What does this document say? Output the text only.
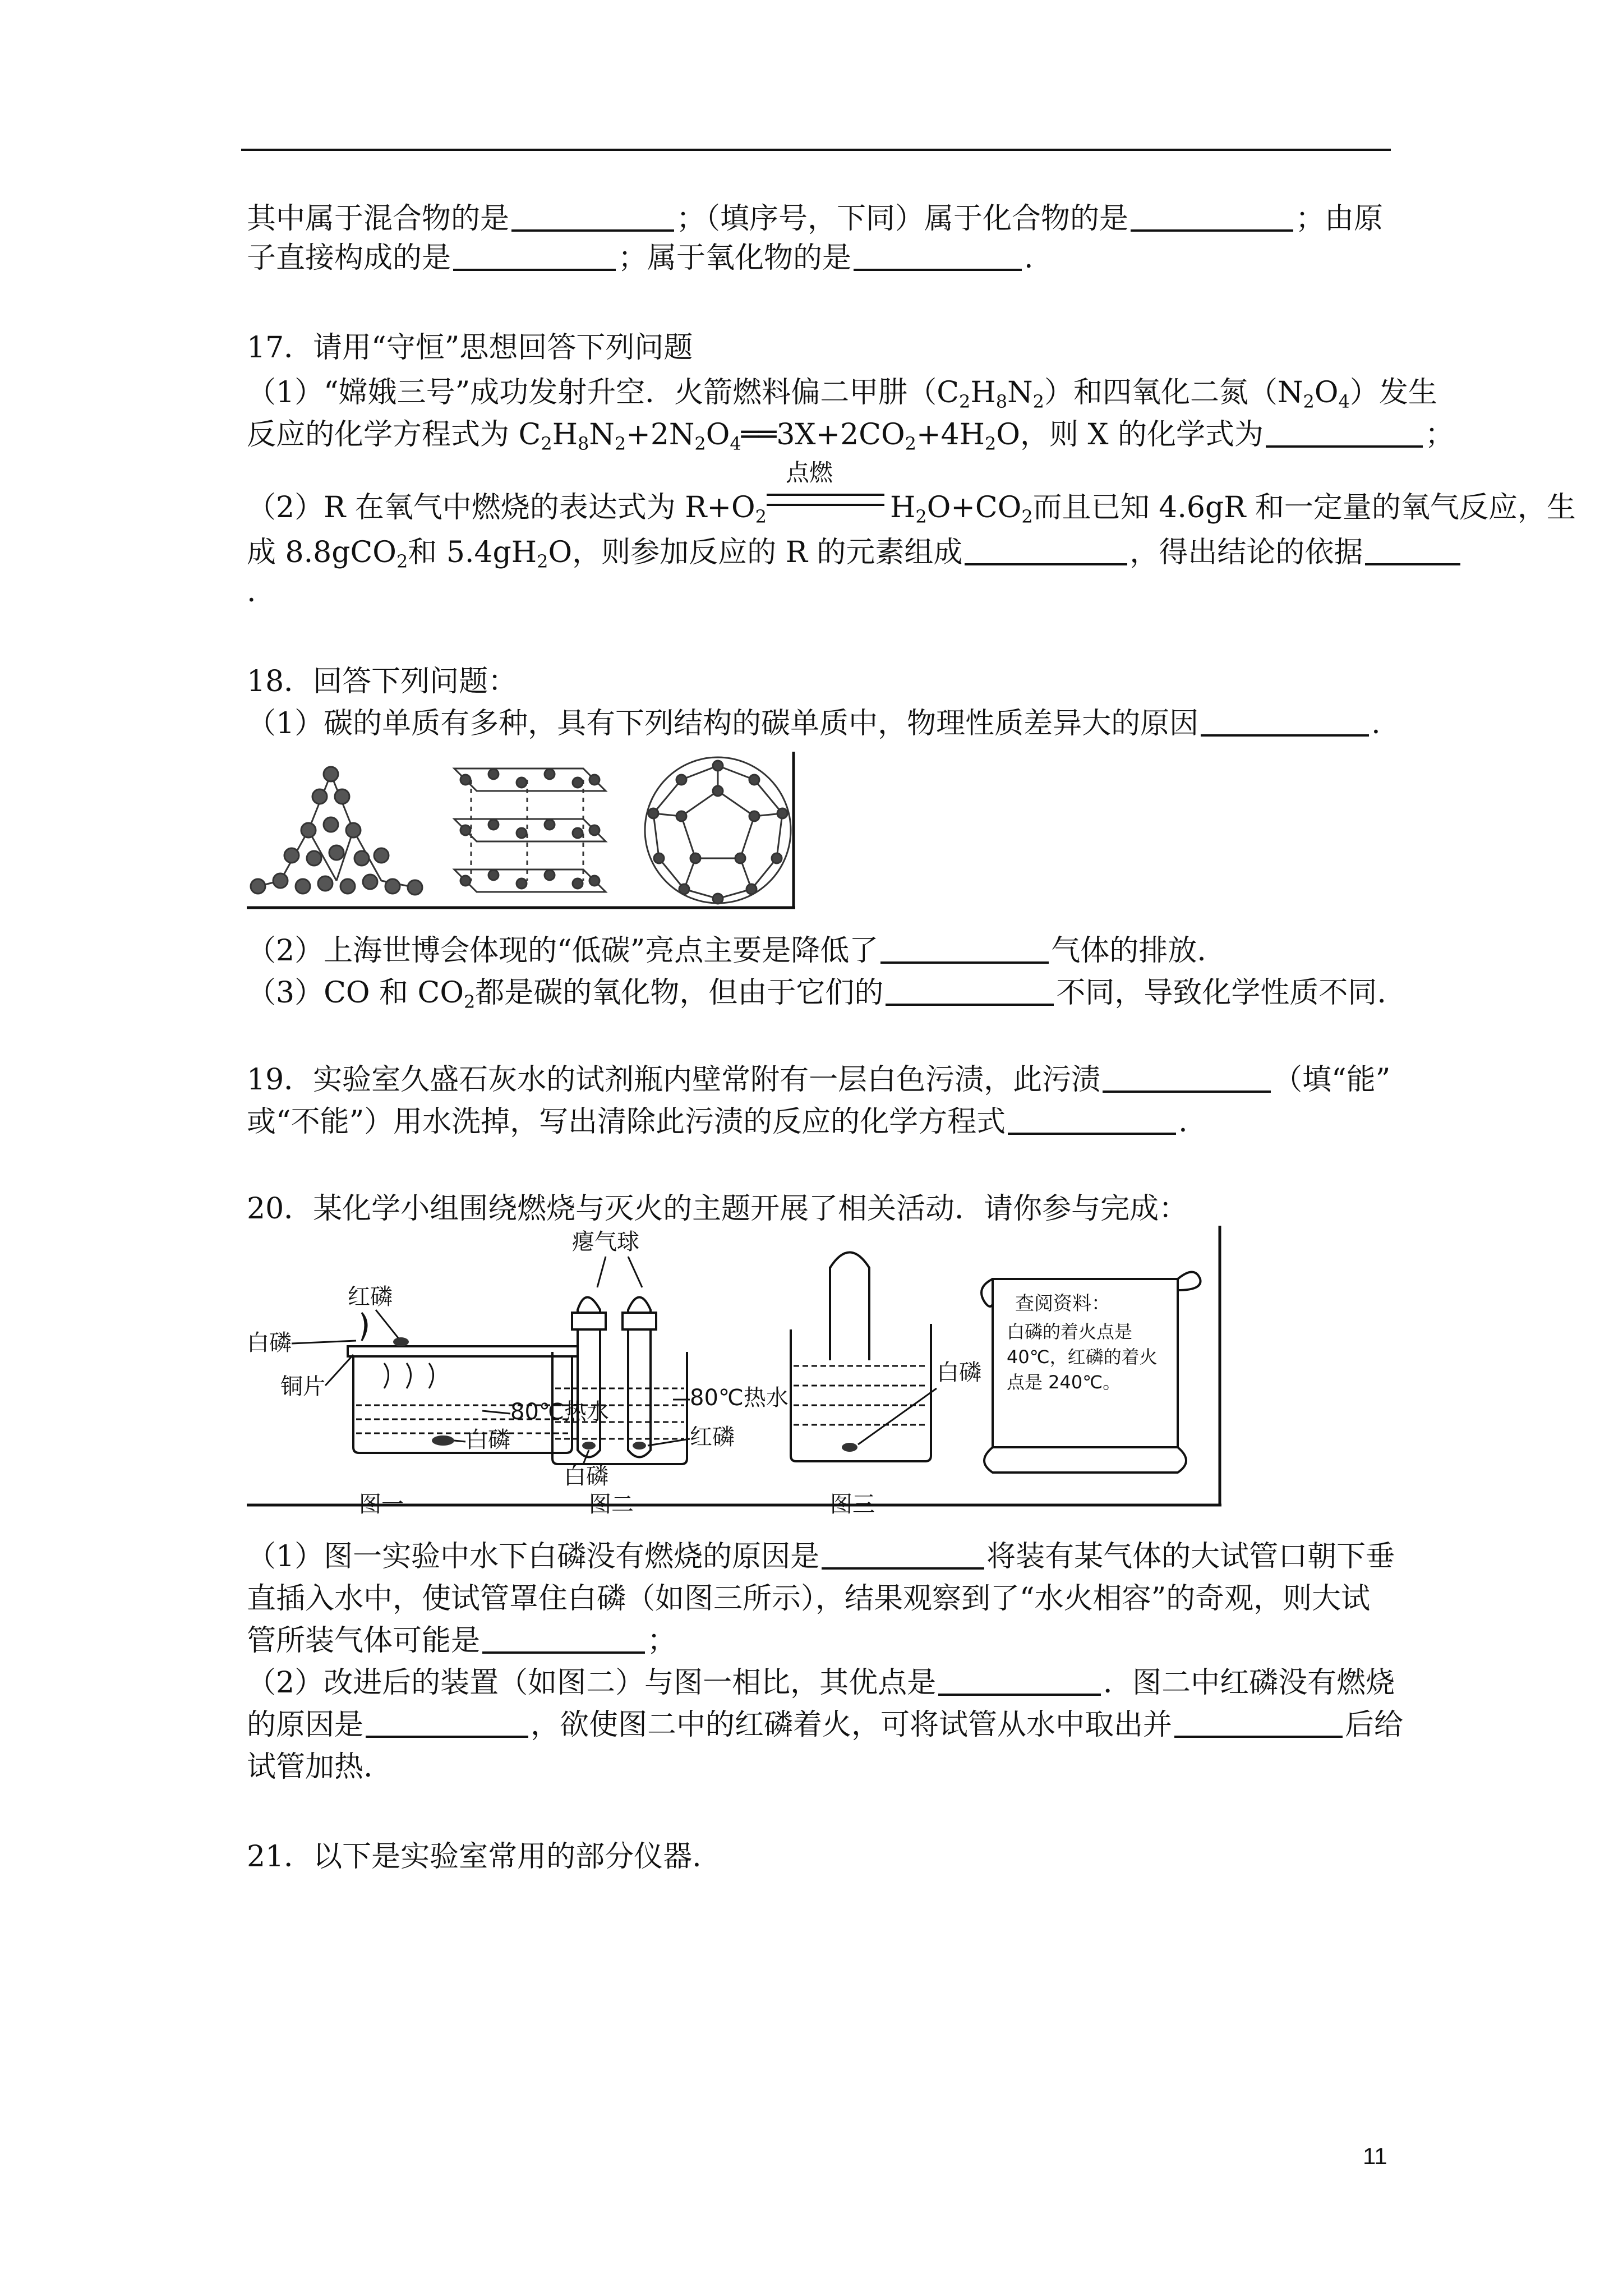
其中属于混合物的是	；（填序号，下同）属于化合物的是	；由原
子直接构成的是	；属于氧化物的是	.
17．请用“守恒”思想回答下列问题
（1）“嫦娥三号”成功发射升空．火箭燃料偏二甲肼$(C_2H_8N_2)$和四氧化二氮$(N_2O_4)$发生
反应的化学方程式为 $C_2H_8N_2+2N_2O_4══3X+2CO_2+4H_2O$，则 X 的化学式为	；
（2）R 在氧气中燃烧的表达式为 $R+O_2$
点燃
$H_2O+CO_2$而且已知 4.6gR 和一定量的氧气反应，生
成 8.8gCO$_2$和 $5.4gH_2O$，则参加反应的 R 的元素组成	，得出结论的依据
.
18．回答下列问题：
（1）碳的单质有多种，具有下列结构的碳单质中，物理性质差异大的原因	.
（2）上海世博会体现的“低碳”亮点主要是降低了	气体的排放.
（3）CO 和 $CO_2$都是碳的氧化物，但由于它们的	不同，导致化学性质不同.
19．实验室久盛石灰水的试剂瓶内壁常附有一层白色污渍，此污渍	（填“能”
或“不能”）用水洗掉，写出清除此污渍的反应的化学方程式	.
20．某化学小组围绕燃烧与灭火的主题开展了相关活动．请你参与完成：
白磷
红磷
铜片
80℃热水
白磷
图一
瘪气球
80℃热水
红磷
白磷
图二
白磷
图三
查阅资料：
白磷的着火点是
40℃，红磷的着火
点是 240℃。
（1）图一实验中水下白磷没有燃烧的原因是	将装有某气体的大试管口朝下垂
直插入水中，使试管罩住白磷（如图三所示），结果观察到了“水火相容”的奇观，则大试
管所装气体可能是	；
（2）改进后的装置（如图二）与图一相比，其优点是	．图二中红磷没有燃烧
的原因是	，欲使图二中的红磷着火，可将试管从水中取出并	后给
试管加热.
21．以下是实验室常用的部分仪器.
11
